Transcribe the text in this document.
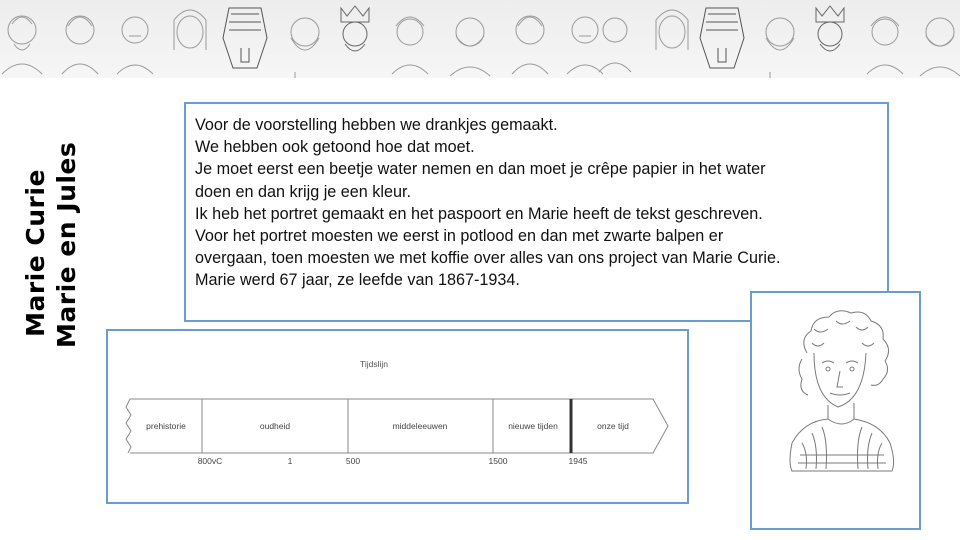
Marie Curie Marie en Jules

Voor de voorstelling hebben we drankjes gemaakt.

We hebben ook getoond hoe dat moet.

Je moet eerst een beetje water nemen en dan moet je crêpe papier in het water

doen en dan krijg je een kleur.

Ik heb het portret gemaakt en het paspoort en Marie heeft de tekst geschreven.

Voor het portret moesten we eerst in potlood en dan met zwarte balpen er

overgaan, toen moesten we met koffie over alles van ons project van Marie Curie.

Marie werd 67 jaar, ze leefde van 1867-1934.

Tijdslijn
prehistorie	oudheid	middeleeuwen	nieuwe tijden	onze tijd
800vC	1	500	1500	1945
